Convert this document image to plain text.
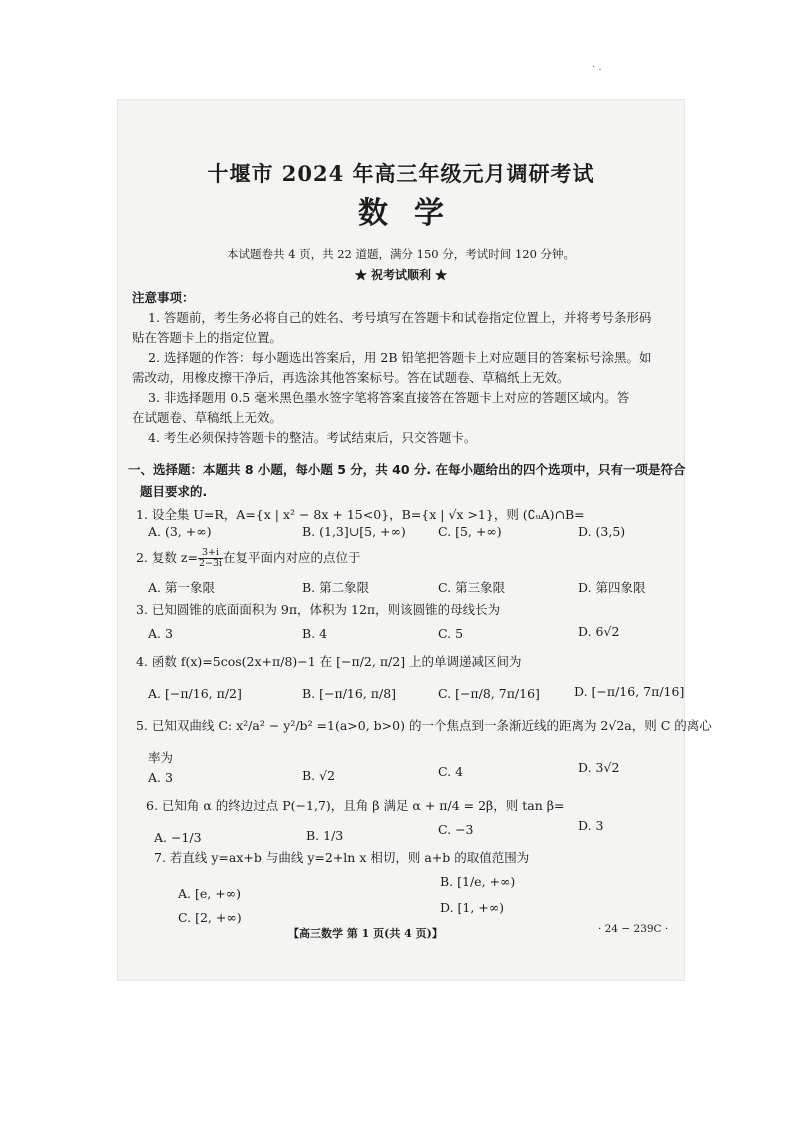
· .
十堰市 2024 年高三年级元月调研考试
数学
本试题卷共 4 页，共 22 道题，满分 150 分，考试时间 120 分钟。
★ 祝考试顺利 ★
注意事项：
1. 答题前，考生务必将自己的姓名、考号填写在答题卡和试卷指定位置上，并将考号条形码
贴在答题卡上的指定位置。
2. 选择题的作答：每小题选出答案后，用 2B 铅笔把答题卡上对应题目的答案标号涂黑。如
需改动，用橡皮擦干净后，再选涂其他答案标号。答在试题卷、草稿纸上无效。
3. 非选择题用 0.5 毫米黑色墨水签字笔将答案直接答在答题卡上对应的答题区域内。答
在试题卷、草稿纸上无效。
4. 考生必须保持答题卡的整洁。考试结束后，只交答题卡。
一、选择题：本题共 8 小题，每小题 5 分，共 40 分. 在每小题给出的四个选项中，只有一项是符合
题目要求的.
1. 设全集 U=R，A={x | x² − 8x + 15<0}，B={x | √x >1}，则 (∁ᵤA)∩B=
A. (3, +∞)	B. (1,3]∪[5, +∞)	C. [5, +∞)	D. (3,5)
2. 复数 $z= \frac{3+i}{2-3i}$ 在复平面内对应的点位于
A. 第一象限	B. 第二象限	C. 第三象限	D. 第四象限
3. 已知圆锥的底面面积为 9π，体积为 12π，则该圆锥的母线长为
A. 3	B. 4	C. 5	D. 6√2
4. 函数 f(x)=5cos(2x+π/8)−1 在 [−π/2, π/2] 上的单调递减区间为
A. [−π/16, π/2]	B. [−π/16, π/8]	C. [−π/8, 7π/16]	D. [−π/16, 7π/16]
5. 已知双曲线 C: x²/a² − y²/b² =1(a>0, b>0) 的一个焦点到一条渐近线的距离为 2√2a，则 C 的离心
率为
A. 3	B. √2	C. 4	D. 3√2
6. 已知角 α 的终边过点 P(−1,7)，且角 β 满足 α + π/4 = 2β，则 tan β=
A. −1/3	B. 1/3	C. −3	D. 3
7. 若直线 y=ax+b 与曲线 y=2+ln x 相切，则 a+b 的取值范围为
A. [e, +∞)
B. [1/e, +∞)
C. [2, +∞)
D. [1, +∞)
【高三数学 第 1 页(共 4 页)】	· 24 − 239C ·
